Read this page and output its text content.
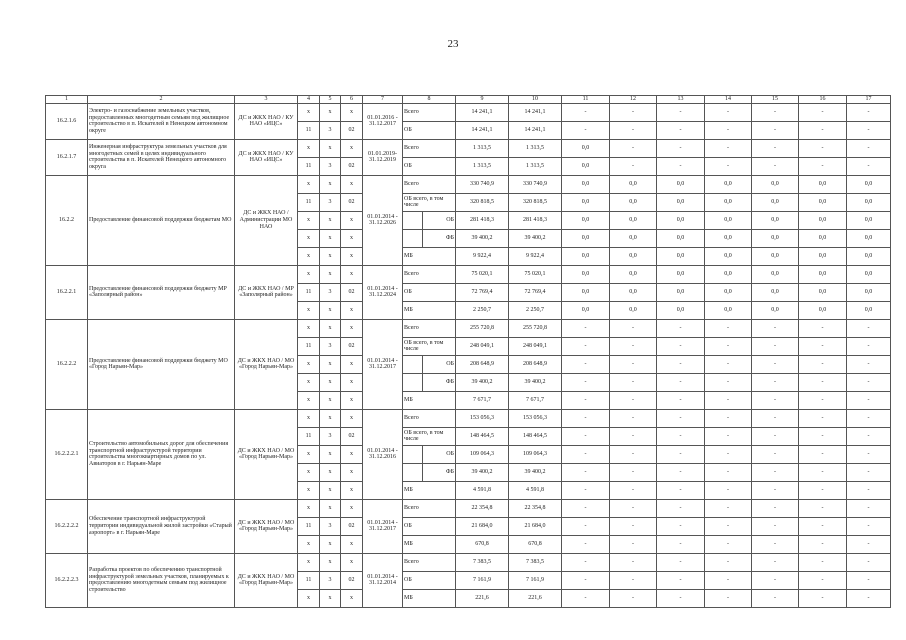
23
1	2	3	4	5	6	7	8		9	10	11	12	13	14	15	16	17
16.2.1.6	Электро- и газоснабжение земельных участков, предоставленных многодетным семьям под жилищное строительство в п. Искателей в Ненецком автономном округе	ДС и ЖКХ НАО / КУ НАО «ИЦС»	х	х	х	01.01.2016 - 31.12.2017	Всего		14 241,1	14 241,1	-	-	-	-	-	-	-
			11	3	02		ОБ		14 241,1	14 241,1	-	-	-	-	-	-	-
16.2.1.7	Инженерная инфраструктура земельных участков для многодетных семей в целях индивидуального строительства в п. Искателей Ненецкого автономного округа	ДС и ЖКХ НАО / КУ НАО «ИЦС»	х	х	х	01.01.2019-31.12.2019	Всего		1 313,5	1 313,5	0,0	-	-	-	-	-	-
			11	3	02		ОБ		1 313,5	1 313,5	0,0	-	-	-	-	-	-
16.2.2	Предоставление финансовой поддержки бюджетам МО	ДС и ЖКХ НАО / Администрации МО НАО	х	х	х	01.01.2014 - 31.12.2026	Всего		330 740,9	330 740,9	0,0	0,0	0,0	0,0	0,0	0,0	0,0
			11	3	02		ОБ всего, в том числе		320 818,5	320 818,5	0,0	0,0	0,0	0,0	0,0	0,0	0,0
			х	х	х			ОБ	281 418,3	281 418,3	0,0	0,0	0,0	0,0	0,0	0,0	0,0
			х	х	х			ФБ	39 400,2	39 400,2	0,0	0,0	0,0	0,0	0,0	0,0	0,0
			х	х	х		МБ		9 922,4	9 922,4	0,0	0,0	0,0	0,0	0,0	0,0	0,0
16.2.2.1	Предоставление финансовой поддержки бюджету МР «Заполярный район»	ДС и ЖКХ НАО / МР «Заполярный район»	х	х	х	01.01.2014 - 31.12.2024	Всего		75 020,1	75 020,1	0,0	0,0	0,0	0,0	0,0	0,0	0,0
			11	3	02		ОБ		72 769,4	72 769,4	0,0	0,0	0,0	0,0	0,0	0,0	0,0
			х	х	х		МБ		2 250,7	2 250,7	0,0	0,0	0,0	0,0	0,0	0,0	0,0
16.2.2.2	Предоставление финансовой поддержки бюджету МО «Город Нарьян-Мар»	ДС и ЖКХ НАО / МО «Город Нарьян-Мар»	х	х	х	01.01.2014 - 31.12.2017	Всего		255 720,8	255 720,8	-	-	-	-	-	-	-
			11	3	02		ОБ всего, в том числе		248 049,1	248 049,1	-	-	-	-	-	-	-
			х	х	х			ОБ	208 648,9	208 648,9	-	-	-	-	-	-	-
			х	х	х			ФБ	39 400,2	39 400,2	-	-	-	-	-	-	-
			х	х	х		МБ		7 671,7	7 671,7	-	-	-	-	-	-	-
16.2.2.2.1	Строительство автомобильных дорог для обеспечения транспортной инфраструктурой территории строительства многоквартирных домов по ул. Авиаторов в г. Нарьян-Маре	ДС и ЖКХ НАО / МО «Город Нарьян-Мар»	х	х	х	01.01.2014 - 31.12.2016	Всего		153 056,3	153 056,3	-	-	-	-	-	-	-
			11	3	02		ОБ всего, в том числе		148 464,5	148 464,5	-	-	-	-	-	-	-
			х	х	х			ОБ	109 064,3	109 064,3	-	-	-	-	-	-	-
			х	х	х			ФБ	39 400,2	39 400,2	-	-	-	-	-	-	-
			х	х	х		МБ		4 591,8	4 591,8	-	-	-	-	-	-	-
16.2.2.2.2	Обеспечение транспортной инфраструктурой территории индивидуальной жилой застройки «Старый аэропорт» в г. Нарьян-Маре	ДС и ЖКХ НАО / МО «Город Нарьян-Мар»	х	х	х	01.01.2014 - 31.12.2017	Всего		22 354,8	22 354,8	-	-	-	-	-	-	-
			11	3	02		ОБ		21 684,0	21 684,0	-	-	-	-	-	-	-
			х	х	х		МБ		670,8	670,8	-	-	-	-	-	-	-
16.2.2.2.3	Разработка проектов по обеспечению транспортной инфраструктурой земельных участков, планируемых к предоставлению многодетным семьям под жилищное строительство	ДС и ЖКХ НАО / МО «Город Нарьян-Мар»	х	х	х	01.01.2014 - 31.12.2014	Всего		7 383,5	7 383,5	-	-	-	-	-	-	-
			11	3	02		ОБ		7 161,9	7 161,9	-	-	-	-	-	-	-
			х	х	х		МБ		221,6	221,6	-	-	-	-	-	-	-
